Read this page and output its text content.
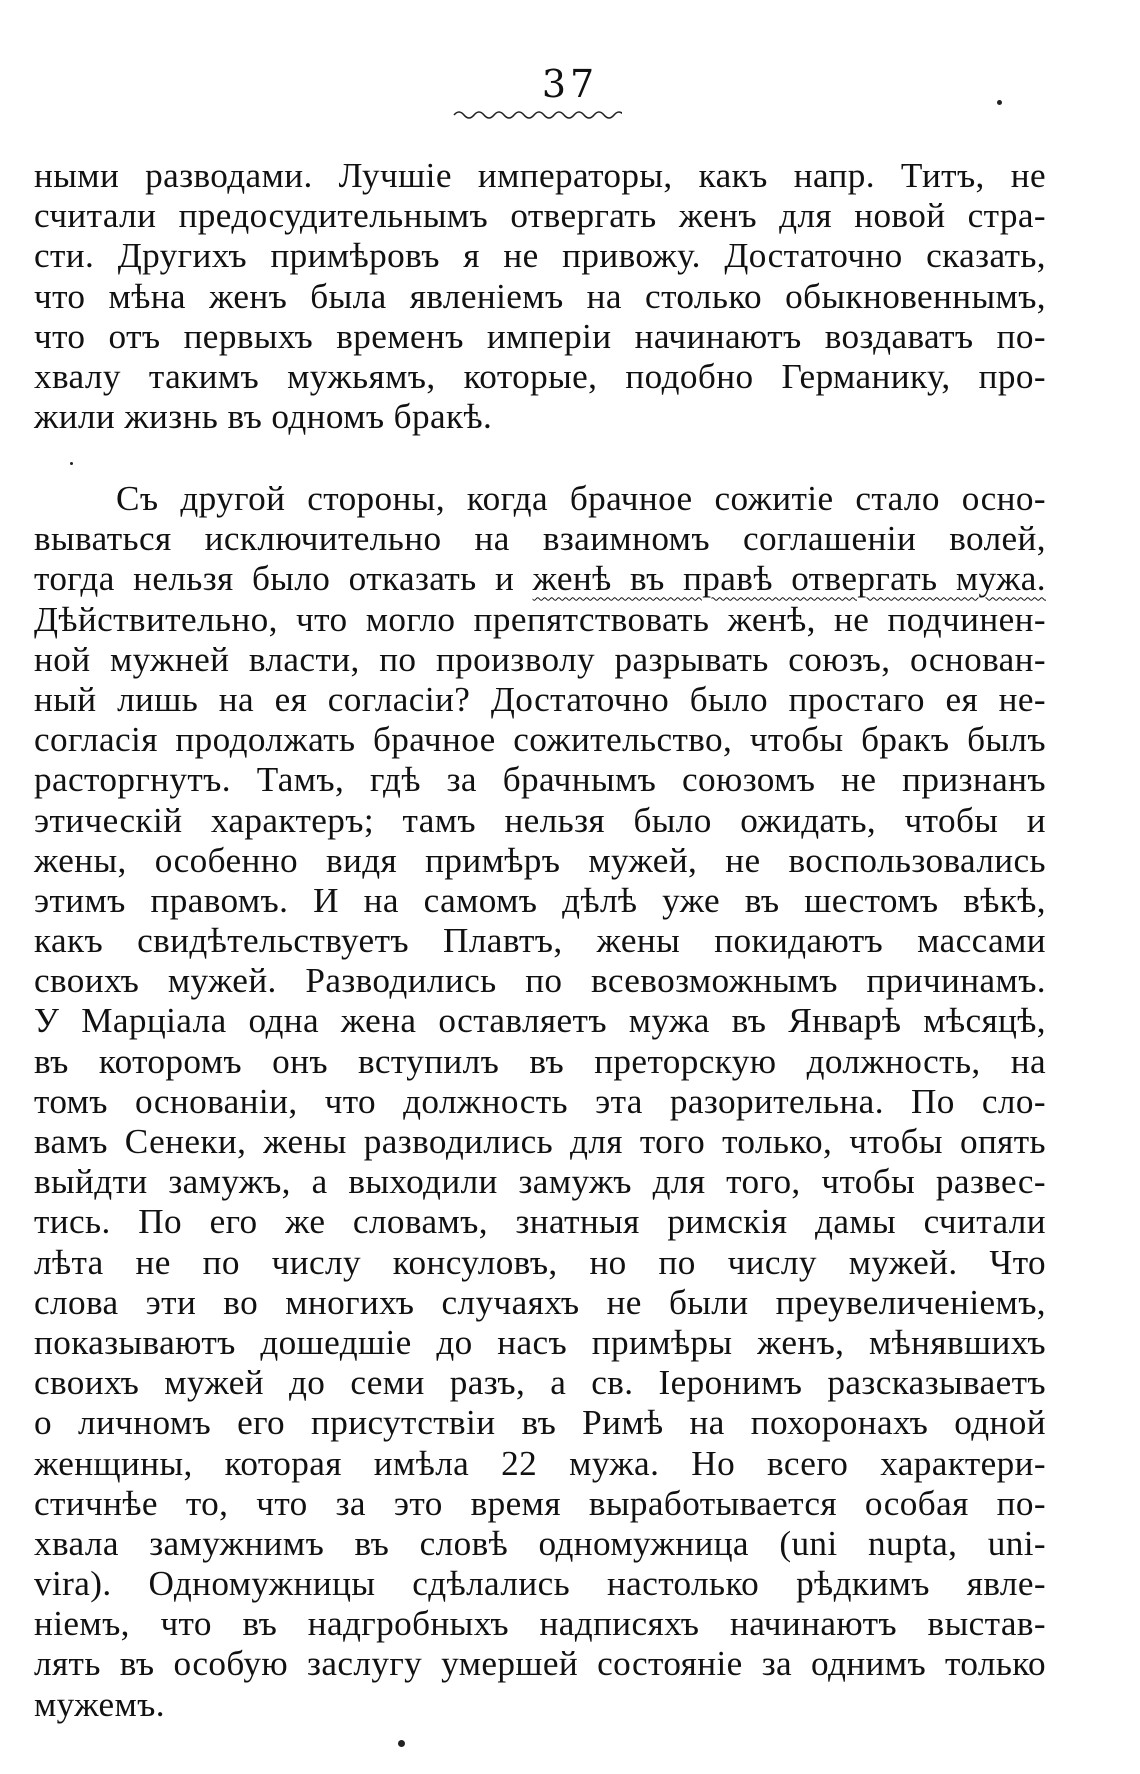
37
ными разводами. Лучшіе императоры, какъ напр. Титъ, не
считали предосудительнымъ отвергать женъ для новой стра-
сти. Другихъ примѣровъ я не привожу. Достаточно сказать,
что мѣна женъ была явленіемъ на столько обыкновеннымъ,
что отъ первыхъ временъ имперіи начинаютъ воздаватъ по-
хвалу такимъ мужьямъ, которые, подобно Германику, про-
жили жизнь въ одномъ бракѣ.
Съ другой стороны, когда брачное сожитіе стало осно-
вываться исключительно на взаимномъ соглашеніи волей,
тогда нельзя было отказать и женѣ въ правѣ отвергать мужа.
Дѣйствительно, что могло препятствовать женѣ, не подчинен-
ной мужней власти, по произволу разрывать союзъ, основан-
ный лишь на ея согласіи? Достаточно было простаго ея не-
согласія продолжать брачное сожительство, чтобы бракъ былъ
расторгнутъ. Тамъ, гдѣ за брачнымъ союзомъ не признанъ
этическій характеръ; тамъ нельзя было ожидать, чтобы и
жены, особенно видя примѣръ мужей, не воспользовались
этимъ правомъ. И на самомъ дѣлѣ уже въ шестомъ вѣкѣ,
какъ свидѣтельствуетъ Плавтъ, жены покидаютъ массами
своихъ мужей. Разводились по всевозможнымъ причинамъ.
У Марціала одна жена оставляетъ мужа въ Январѣ мѣсяцѣ,
въ которомъ онъ вступилъ въ преторскую должность, на
томъ основаніи, что должность эта разорительна. По сло-
вамъ Сенеки, жены разводились для того только, чтобы опять
выйдти замужъ, а выходили замужъ для того, чтобы развес-
тись. По его же словамъ, знатныя римскія дамы считали
лѣта не по числу консуловъ, но по числу мужей. Что
слова эти во многихъ случаяхъ не были преувеличеніемъ,
показываютъ дошедшіе до насъ примѣры женъ, мѣнявшихъ
своихъ мужей до семи разъ, а св. Іеронимъ разсказываетъ
о личномъ его присутствіи въ Римѣ на похоронахъ одной
женщины, которая имѣла 22 мужа. Но всего характери-
стичнѣе то, что за это время выработывается особая по-
хвала замужнимъ въ словѣ одномужница (uni nupta, uni-
vira). Одномужницы сдѣлались настолько рѣдкимъ явле-
ніемъ, что въ надгробныхъ надписяхъ начинаютъ выстав-
лять въ особую заслугу умершей состояніе за однимъ только
мужемъ.
